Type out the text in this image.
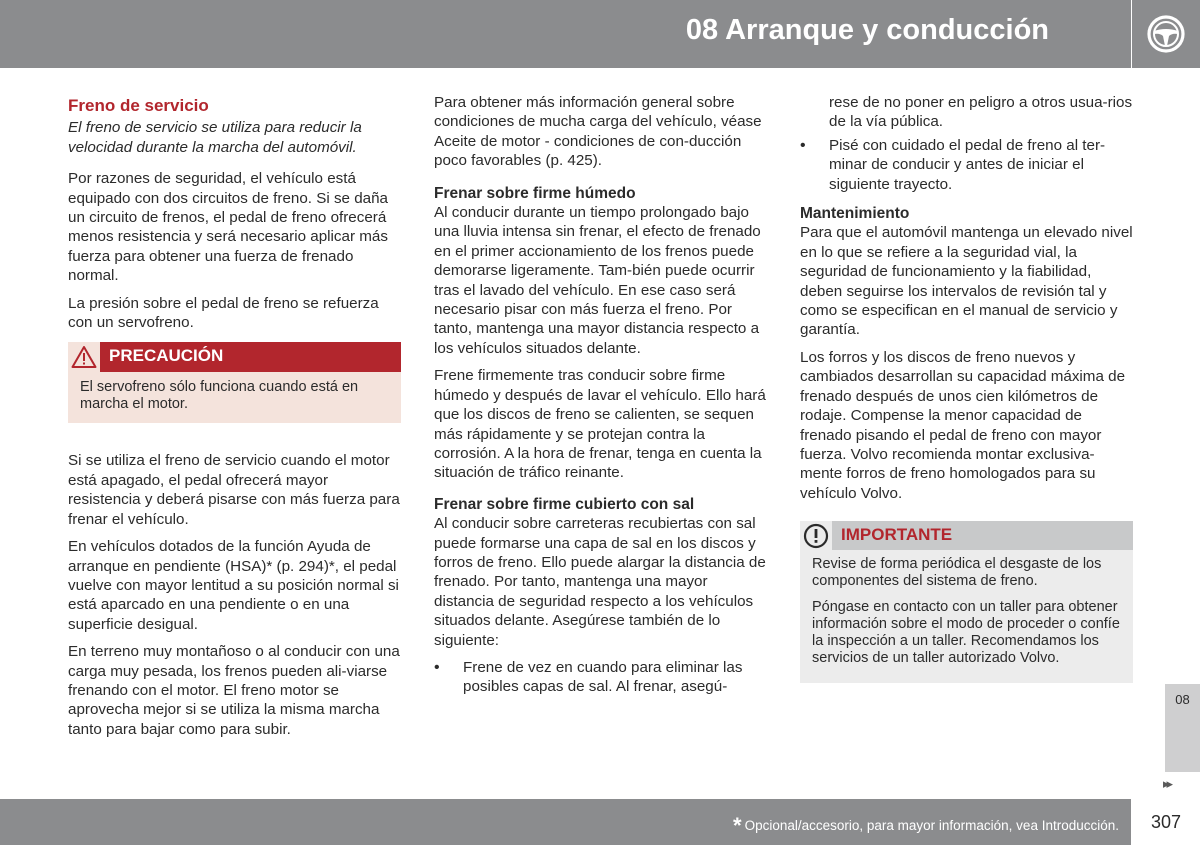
08 Arranque y conducción
Freno de servicio

El freno de servicio se utiliza para reducir la velocidad durante la marcha del automóvil.

Por razones de seguridad, el vehículo está equipado con dos circuitos de freno. Si se daña un circuito de frenos, el pedal de freno ofrecerá menos resistencia y será necesario aplicar más fuerza para obtener una fuerza de frenado normal.

La presión sobre el pedal de freno se refuerza con un servofreno.

PRECAUCIÓN
El servofreno sólo funciona cuando está en marcha el motor.

Si se utiliza el freno de servicio cuando el motor está apagado, el pedal ofrecerá mayor resistencia y deberá pisarse con más fuerza para frenar el vehículo.

En vehículos dotados de la función Ayuda de arranque en pendiente (HSA)* (p. 294)*, el pedal vuelve con mayor lentitud a su posición normal si está aparcado en una pendiente o en una superficie desigual.

En terreno muy montañoso o al conducir con una carga muy pesada, los frenos pueden ali-viarse frenando con el motor. El freno motor se aprovecha mejor si se utiliza la misma marcha tanto para bajar como para subir.

Para obtener más información general sobre condiciones de mucha carga del vehículo, véase Aceite de motor - condiciones de con-ducción poco favorables (p. 425).

Frenar sobre firme húmedo

Al conducir durante un tiempo prolongado bajo una lluvia intensa sin frenar, el efecto de frenado en el primer accionamiento de los frenos puede demorarse ligeramente. Tam-bién puede ocurrir tras el lavado del vehículo. En ese caso será necesario pisar con más fuerza el freno. Por tanto, mantenga una mayor distancia respecto a los vehículos situados delante.

Frene firmemente tras conducir sobre firme húmedo y después de lavar el vehículo. Ello hará que los discos de freno se calienten, se sequen más rápidamente y se protejan contra la corrosión. A la hora de frenar, tenga en cuenta la situación de tráfico reinante.

Frenar sobre firme cubierto con sal

Al conducir sobre carreteras recubiertas con sal puede formarse una capa de sal en los discos y forros de freno. Ello puede alargar la distancia de frenado. Por tanto, mantenga una mayor distancia de seguridad respecto a los vehículos situados delante. Asegúrese también de lo siguiente:

• Frene de vez en cuando para eliminar las posibles capas de sal. Al frenar, asegú-
rese de no poner en peligro a otros usua-rios de la vía pública.
• Pisé con cuidado el pedal de freno al ter-minar de conducir y antes de iniciar el siguiente trayecto.
Mantenimiento

Para que el automóvil mantenga un elevado nivel en lo que se refiere a la seguridad vial, la seguridad de funcionamiento y la fiabilidad, deben seguirse los intervalos de revisión tal y como se especifican en el manual de servicio y garantía.

Los forros y los discos de freno nuevos y cambiados desarrollan su capacidad máxima de frenado después de unos cien kilómetros de rodaje. Compense la menor capacidad de frenado pisando el pedal de freno con mayor fuerza. Volvo recomienda montar exclusiva-mente forros de freno homologados para su vehículo Volvo.

IMPORTANTE

Revise de forma periódica el desgaste de los componentes del sistema de freno.

Póngase en contacto con un taller para obtener información sobre el modo de proceder o confíe la inspección a un taller. Recomendamos los servicios de un taller autorizado Volvo.

08
▸▸
* Opcional/accesorio, para mayor información, vea Introducción.	307
